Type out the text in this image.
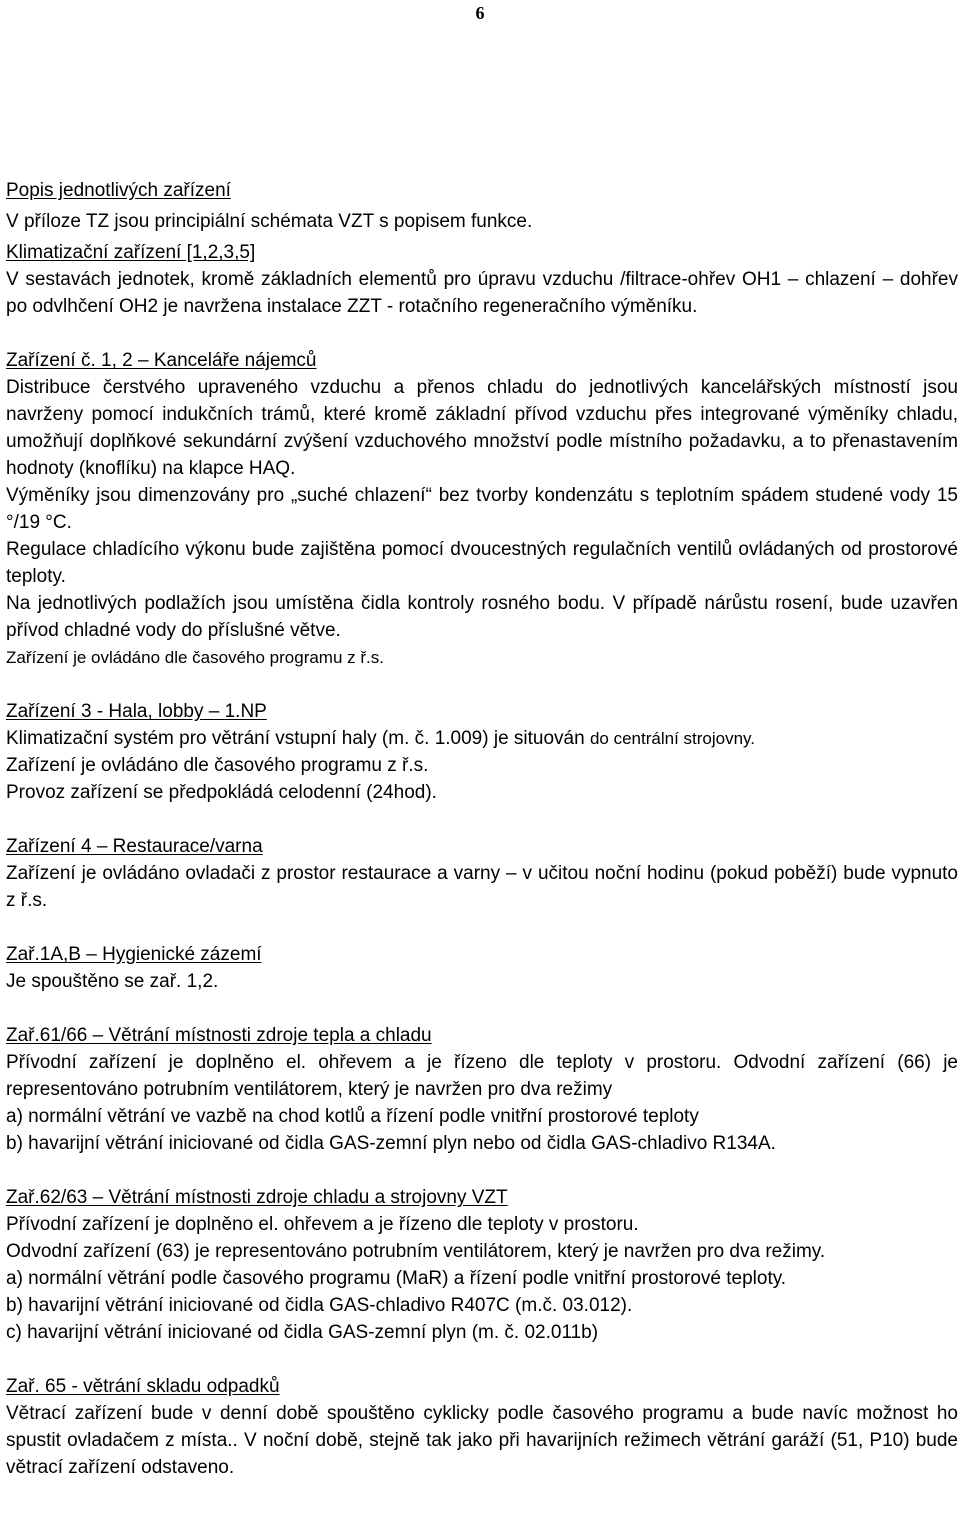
6

Popis jednotlivých zařízení

V příloze TZ jsou principiální schémata VZT s popisem funkce.

Klimatizační zařízení [1,2,3,5]

V sestavách jednotek, kromě základních elementů pro úpravu vzduchu /filtrace-ohřev OH1 – chlazení – dohřev po odvlhčení OH2 je navržena instalace ZZT - rotačního regeneračního výměníku.

Zařízení č. 1, 2 – Kanceláře nájemců

Distribuce čerstvého upraveného vzduchu a přenos chladu do jednotlivých kancelářských místností jsou navrženy pomocí indukčních trámů, které kromě základní přívod vzduchu přes integrované výměníky chladu, umožňují doplňkové sekundární zvýšení vzduchového množství podle místního požadavku, a to přenastavením hodnoty (knoflíku) na klapce HAQ.

Výměníky jsou dimenzovány pro „suché chlazení“ bez tvorby kondenzátu s teplotním spádem studené vody 15 °/19 °C.

Regulace chladícího výkonu bude zajištěna pomocí dvoucestných regulačních ventilů ovládaných od prostorové teploty.

Na jednotlivých podlažích jsou umístěna čidla kontroly rosného bodu. V případě nárůstu rosení, bude uzavřen přívod chladné vody do příslušné větve.

Zařízení je ovládáno dle časového programu z ř.s.

Zařízení 3 - Hala, lobby – 1.NP

Klimatizační systém pro větrání vstupní haly (m. č. 1.009) je situován do centrální strojovny.

Zařízení je ovládáno dle časového programu z ř.s.

Provoz zařízení se předpokládá celodenní (24hod).

Zařízení 4 – Restaurace/varna

Zařízení je ovládáno ovladači z prostor restaurace a varny – v učitou noční hodinu (pokud poběží) bude vypnuto z ř.s.

Zař.1A,B – Hygienické zázemí

Je spouštěno se zař. 1,2.

Zař.61/66 – Větrání místnosti zdroje tepla a chladu

Přívodní zařízení je doplněno el. ohřevem a je řízeno dle teploty v prostoru. Odvodní zařízení (66) je representováno potrubním ventilátorem, který je navržen pro dva režimy

a) normální větrání ve vazbě na chod kotlů a řízení podle vnitřní prostorové teploty

b) havarijní větrání iniciované od čidla GAS-zemní plyn nebo od čidla GAS-chladivo R134A.

Zař.62/63 – Větrání místnosti zdroje chladu a strojovny VZT

Přívodní zařízení je doplněno el. ohřevem a je řízeno dle teploty v prostoru.

Odvodní zařízení (63) je representováno potrubním ventilátorem, který je navržen pro dva režimy.

a) normální větrání podle časového programu (MaR) a řízení podle vnitřní prostorové teploty.

b) havarijní větrání iniciované od čidla GAS-chladivo R407C (m.č. 03.012).

c) havarijní větrání iniciované od čidla GAS-zemní plyn (m. č. 02.011b)

Zař. 65 - větrání skladu odpadků

Větrací zařízení bude v denní době spouštěno cyklicky podle časového programu a bude navíc možnost ho spustit ovladačem z místa.. V noční době, stejně tak jako při havarijních režimech větrání garáží (51, P10) bude větrací zařízení odstaveno.
